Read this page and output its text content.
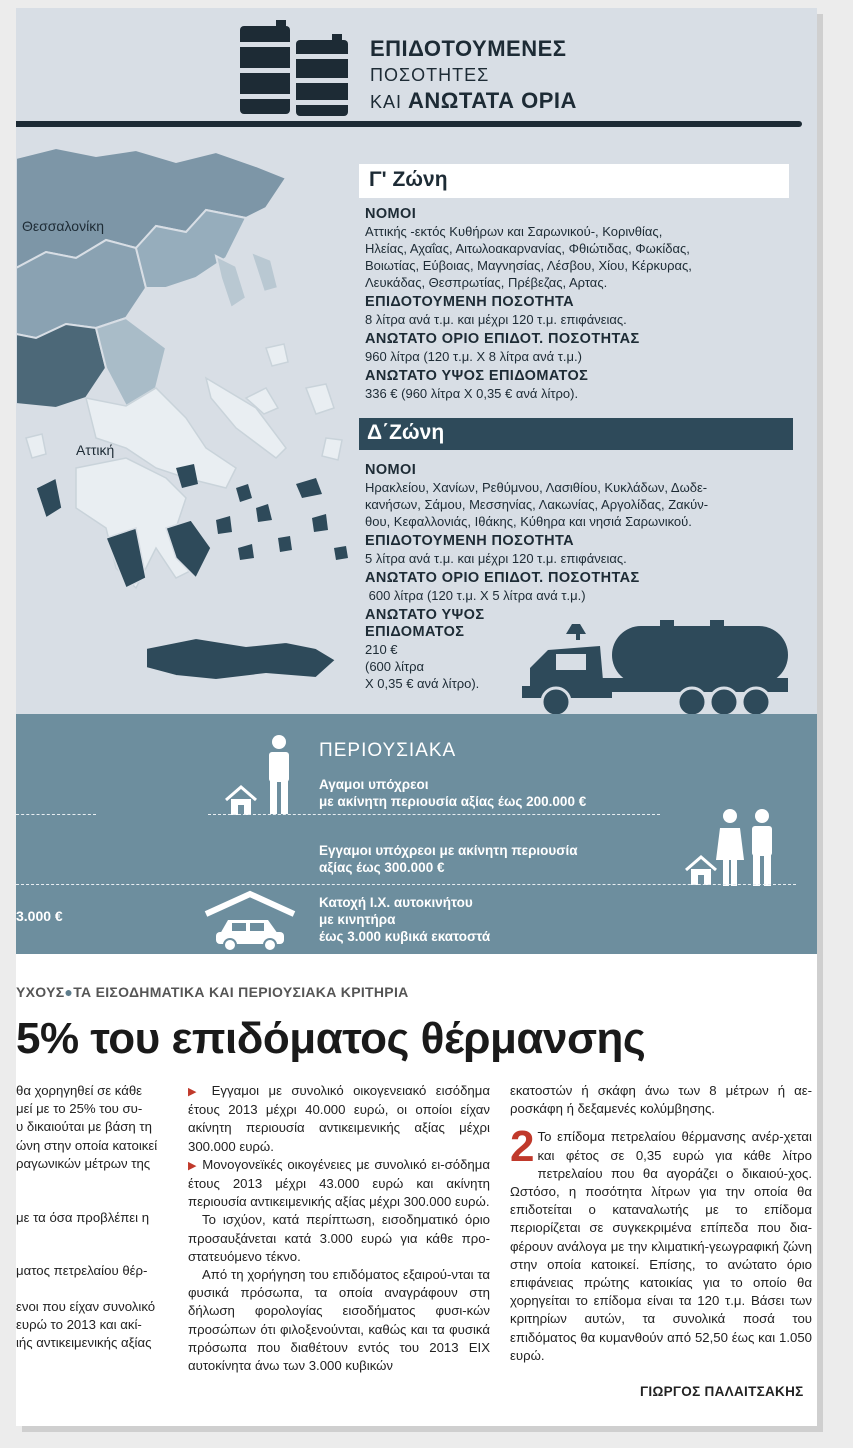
ΕΠΙΔΟΤΟΥΜΕΝΕΣ
ΠΟΣΟΤΗΤΕΣ
ΚΑΙ ΑΝΩΤΑΤΑ ΟΡΙΑ
Θεσσαλονίκη
Αττική
Γ' Ζώνη
ΝΟΜΟΙ
Αττικής -εκτός Κυθήρων και Σαρωνικού-, Κορινθίας,
Ηλείας, Αχαΐας, Αιτωλοακαρνανίας, Φθιώτιδας, Φωκίδας,
Βοιωτίας, Εύβοιας, Μαγνησίας, Λέσβου, Χίου, Κέρκυρας,
Λευκάδας, Θεσπρωτίας, Πρέβεζας, Αρτας.
ΕΠΙΔΟΤΟΥΜΕΝΗ ΠΟΣΟΤΗΤΑ
8 λίτρα ανά τ.μ. και μέχρι 120 τ.μ. επιφάνειας.
ΑΝΩΤΑΤΟ ΟΡΙΟ ΕΠΙΔΟΤ. ΠΟΣΟΤΗΤΑΣ
960 λίτρα (120 τ.μ. Χ 8 λίτρα ανά τ.μ.)
ΑΝΩΤΑΤΟ ΥΨΟΣ ΕΠΙΔΟΜΑΤΟΣ
336 € (960 λίτρα Χ 0,35 € ανά λίτρο).
Δ΄Ζώνη
ΝΟΜΟΙ
Ηρακλείου, Χανίων, Ρεθύμνου, Λασιθίου, Κυκλάδων, Δωδε-
κανήσων, Σάμου, Μεσσηνίας, Λακωνίας, Αργολίδας, Ζακύν-
θου, Κεφαλλονιάς, Ιθάκης, Κύθηρα και νησιά Σαρωνικού.
ΕΠΙΔΟΤΟΥΜΕΝΗ ΠΟΣΟΤΗΤΑ
5 λίτρα ανά τ.μ. και μέχρι 120 τ.μ. επιφάνειας.
ΑΝΩΤΑΤΟ ΟΡΙΟ ΕΠΙΔΟΤ. ΠΟΣΟΤΗΤΑΣ
600 λίτρα (120 τ.μ. Χ 5 λίτρα ανά τ.μ.)
ΑΝΩΤΑΤΟ ΥΨΟΣ
ΕΠΙΔΟΜΑΤΟΣ
210 €
(600 λίτρα
Χ 0,35 € ανά λίτρο).
ΠΕΡΙΟΥΣΙΑΚΑ
Αγαμοι υπόχρεοι
με ακίνητη περιουσία αξίας έως 200.000 €
Εγγαμοι υπόχρεοι με ακίνητη περιουσία
αξίας έως 300.000 €
3.000 €
Κατοχή Ι.Χ. αυτοκινήτου
με κινητήρα
έως 3.000 κυβικά εκατοστά
ΥΧΟΥΣ●ΤΑ ΕΙΣΟΔΗΜΑΤΙΚΑ ΚΑΙ ΠΕΡΙΟΥΣΙΑΚΑ ΚΡΙΤΗΡΙΑ
5% του επιδόματος θέρμανσης

θα χορηγηθεί σε κάθε

μεί με το 25% του συ-

υ δικαιούται με βάση τη

ώνη στην οποία κατοικεί

ραγωνικών μέτρων της

με τα όσα προβλέπει η

ματος πετρελαίου θέρ-

ενοι που είχαν συνολικό

ευρώ το 2013 και ακί-

ιής αντικειμενικής αξίας

▶ Εγγαμοι με συνολικό οικογενειακό εισόδημα έτους 2013 μέχρι 40.000 ευρώ, οι οποίοι είχαν ακίνητη περιουσία αντικειμενικής αξίας μέχρι 300.000 ευρώ.

▶ Μονογονεϊκές οικογένειες με συνολικό ει-σόδημα έτους 2013 μέχρι 43.000 ευρώ και ακίνητη περιουσία αντικειμενικής αξίας μέχρι 300.000 ευρώ.

Το ισχύον, κατά περίπτωση, εισοδηματικό όριο προσαυξάνεται κατά 3.000 ευρώ για κάθε προ-στατευόμενο τέκνο.

Από τη χορήγηση του επιδόματος εξαιρού-νται τα φυσικά πρόσωπα, τα οποία αναγράφουν στη δήλωση φορολογίας εισοδήματος φυσι-κών προσώπων ότι φιλοξενούνται, καθώς και τα φυσικά πρόσωπα που διαθέτουν εντός του 2013 ΕΙΧ αυτοκίνητα άνω των 3.000 κυβικών

εκατοστών ή σκάφη άνω των 8 μέτρων ή αε-ροσκάφη ή δεξαμενές κολύμβησης.

2 Το επίδομα πετρελαίου θέρμανσης ανέρ-χεται και φέτος σε 0,35 ευρώ για κάθε λίτρο πετρελαίου που θα αγοράζει ο δικαιού-χος. Ωστόσο, η ποσότητα λίτρων για την οποία θα επιδοτείται ο καταναλωτής με το επίδομα περιορίζεται σε συγκεκριμένα επίπεδα που δια-φέρουν ανάλογα με την κλιματική-γεωγραφική ζώνη στην οποία κατοικεί. Επίσης, το ανώτατο όριο επιφάνειας πρώτης κατοικίας για το οποίο θα χορηγείται το επίδομα είναι τα 120 τ.μ. Βάσει των κριτηρίων αυτών, τα συνολικά ποσά του επιδόματος θα κυμανθούν από 52,50 έως και 1.050 ευρώ.

ΓΙΩΡΓΟΣ ΠΑΛΑΙΤΣΑΚΗΣ
